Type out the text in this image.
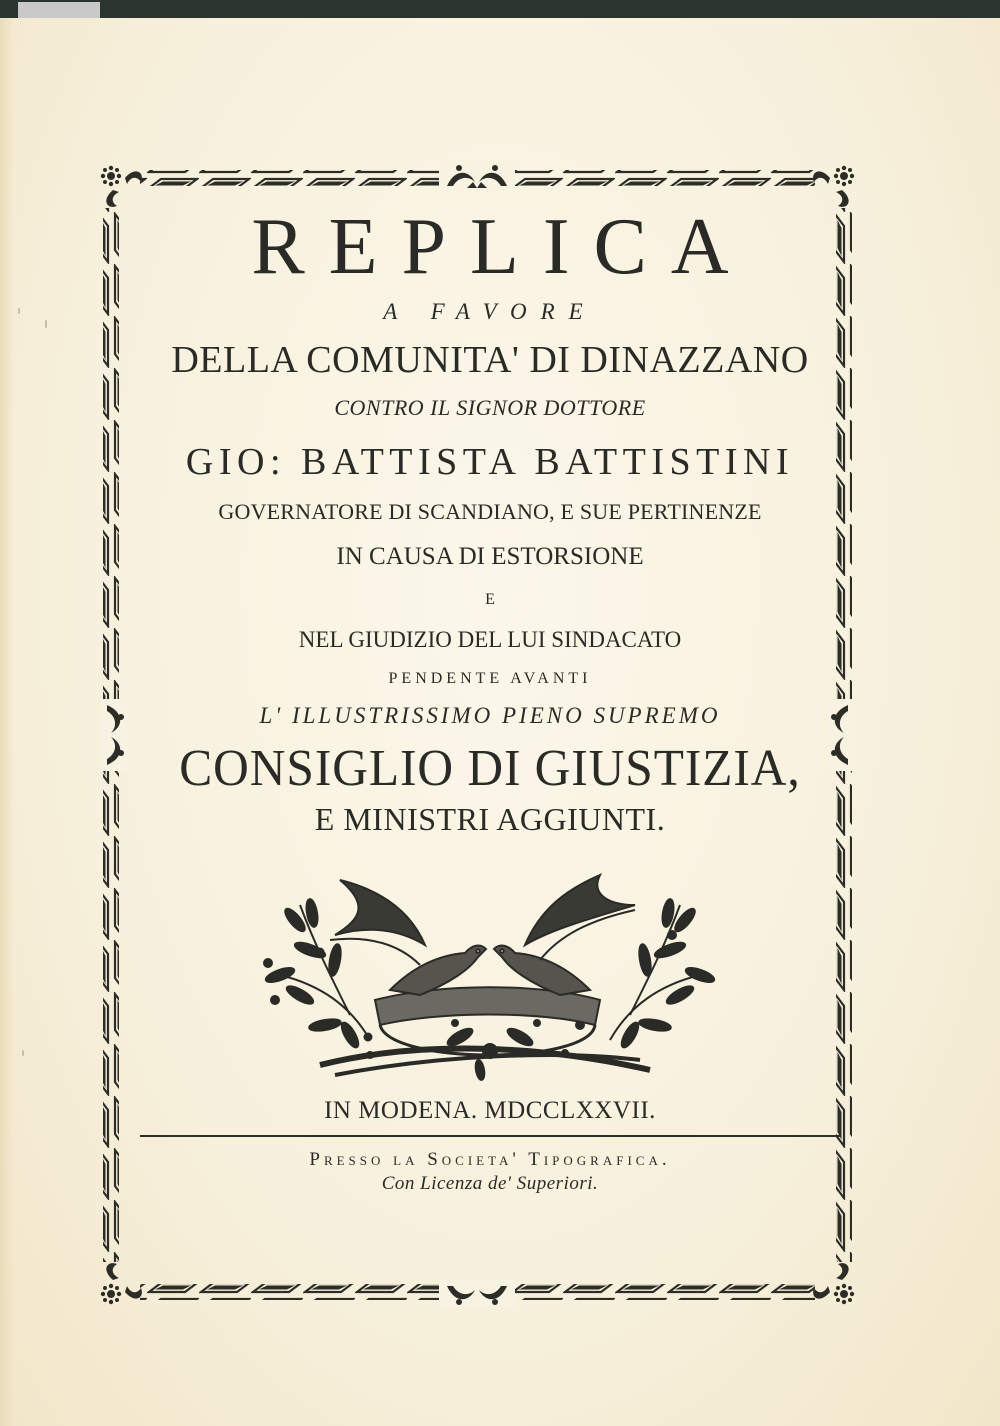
REPLICA
A FAVORE
DELLA COMUNITA' DI DINAZZANO
CONTRO IL SIGNOR DOTTORE
GIO: BATTISTA BATTISTINI
GOVERNATORE DI SCANDIANO, E SUE PERTINENZE
IN CAUSA DI ESTORSIONE
E
NEL GIUDIZIO DEL LUI SINDACATO
PENDENTE AVANTI
L' ILLUSTRISSIMO PIENO SUPREMO
CONSIGLIO DI GIUSTIZIA,
E MINISTRI AGGIUNTI.
IN MODENA. MDCCLXXVII.
Presso la Societa' Tipografica.
Con Licenza de' Superiori.
